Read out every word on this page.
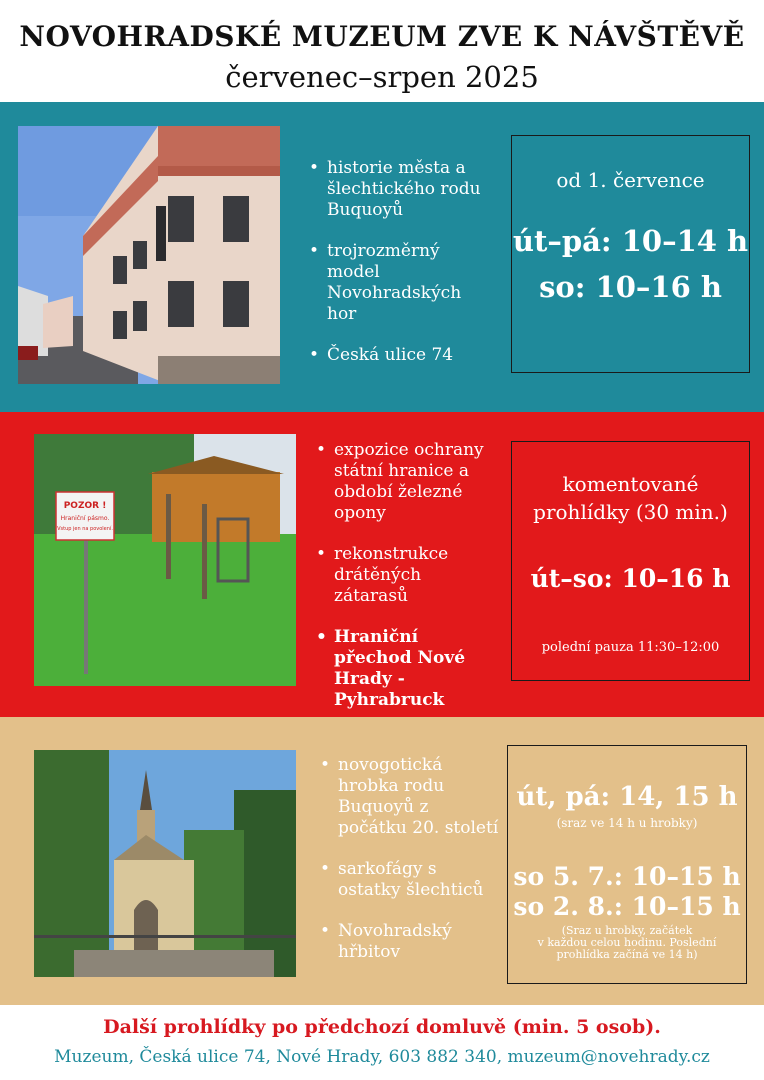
NOVOHRADSKÉ MUZEUM ZVE K NÁVŠTĚVĚ
červenec–srpen 2025
• historie města a šlechtického rodu Buquoyů
• trojrozměrný model Novohradských hor
• Česká ulice 74
od 1. července
út–pá: 10–14 h
so: 10–16 h
POZOR !
Hraniční pásmo.
Vstup jen na povolení.
• expozice ochrany státní hranice a období železné opony
• rekonstrukce drátěných zátarasů
• Hraniční přechod Nové Hrady - Pyhrabruck
komentované
prohlídky (30 min.)
út–so: 10–16 h
polední pauza 11:30–12:00
• novogotická hrobka rodu Buquoyů z počátku 20. století
• sarkofágy s ostatky šlechticů
• Novohradský hřbitov
út, pá: 14, 15 h
(sraz ve 14 h u hrobky)
so 5. 7.: 10–15 h
so 2. 8.: 10–15 h
(Sraz u hrobky, začátek
v každou celou hodinu. Poslední
prohlídka začíná ve 14 h)
Další prohlídky po předchozí domluvě (min. 5 osob).
Muzeum, Česká ulice 74, Nové Hrady, 603 882 340, muzeum@novehrady.cz
